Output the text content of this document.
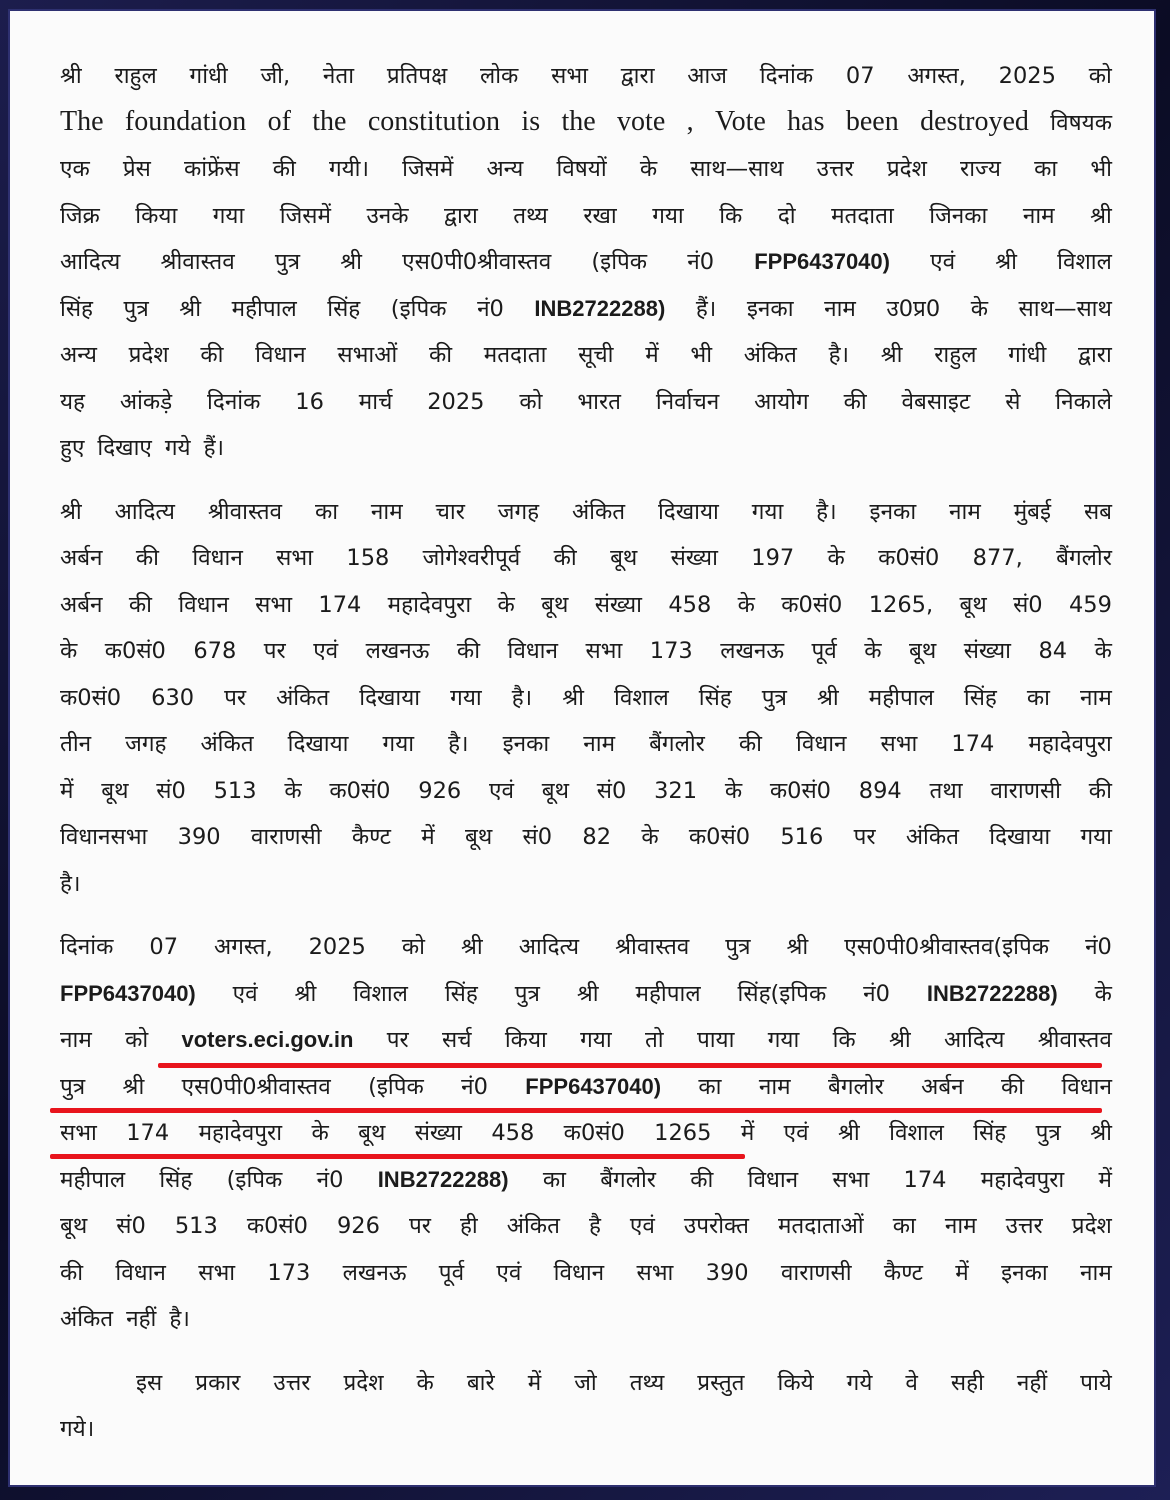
श्री राहुल गांधी जी, नेता प्रतिपक्ष लोक सभा द्वारा आज दिनांक 07 अगस्त, 2025 को
The foundation of the constitution is the vote , Vote has been destroyed विषयक
एक प्रेस कांफ्रेंस की गयी। जिसमें अन्य विषयों के साथ—साथ उत्तर प्रदेश राज्य का भी
जिक्र किया गया जिसमें उनके द्वारा तथ्य रखा गया कि दो मतदाता जिनका नाम श्री
आदित्य श्रीवास्तव पुत्र श्री एस0पी0श्रीवास्तव (इपिक नं0 FPP6437040) एवं श्री विशाल
सिंह पुत्र श्री महीपाल सिंह (इपिक नं0 INB2722288) हैं। इनका नाम उ0प्र0 के साथ—साथ
अन्य प्रदेश की विधान सभाओं की मतदाता सूची में भी अंकित है। श्री राहुल गांधी द्वारा
यह आंकड़े दिनांक 16 मार्च 2025 को भारत निर्वाचन आयोग की वेबसाइट से निकाले
हुए दिखाए गये हैं।
श्री आदित्य श्रीवास्तव का नाम चार जगह अंकित दिखाया गया है। इनका नाम मुंबई सब
अर्बन की विधान सभा 158 जोगेश्वरीपूर्व की बूथ संख्या 197 के क0सं0 877, बैंगलोर
अर्बन की विधान सभा 174 महादेवपुरा के बूथ संख्या 458 के क0सं0 1265, बूथ सं0 459
के क0सं0 678 पर एवं लखनऊ की विधान सभा 173 लखनऊ पूर्व के बूथ संख्या 84 के
क0सं0 630 पर अंकित दिखाया गया है। श्री विशाल सिंह पुत्र श्री महीपाल सिंह का नाम
तीन जगह अंकित दिखाया गया है। इनका नाम बैंगलोर की विधान सभा 174 महादेवपुरा
में बूथ सं0 513 के क0सं0 926 एवं बूथ सं0 321 के क0सं0 894 तथा वाराणसी की
विधानसभा 390 वाराणसी कैण्ट में बूथ सं0 82 के क0सं0 516 पर अंकित दिखाया गया
है।
दिनांक 07 अगस्त, 2025 को श्री आदित्य श्रीवास्तव पुत्र श्री एस0पी0श्रीवास्तव(इपिक नं0
FPP6437040) एवं श्री विशाल सिंह पुत्र श्री महीपाल सिंह(इपिक नं0 INB2722288) के
नाम को voters.eci.gov.in पर सर्च किया गया तो पाया गया कि श्री आदित्य श्रीवास्तव
पुत्र श्री एस0पी0श्रीवास्तव (इपिक नं0 FPP6437040) का नाम बैगलोर अर्बन की विधान
सभा 174 महादेवपुरा के बूथ संख्या 458 क0सं0 1265 में एवं श्री विशाल सिंह पुत्र श्री
महीपाल सिंह (इपिक नं0 INB2722288) का बैंगलोर की विधान सभा 174 महादेवपुरा में
बूथ सं0 513 क0सं0 926 पर ही अंकित है एवं उपरोक्त मतदाताओं का नाम उत्तर प्रदेश
की विधान सभा 173 लखनऊ पूर्व एवं विधान सभा 390 वाराणसी कैण्ट में इनका नाम
अंकित नहीं है।
इस प्रकार उत्तर प्रदेश के बारे में जो तथ्य प्रस्तुत किये गये वे सही नहीं पाये
गये।
